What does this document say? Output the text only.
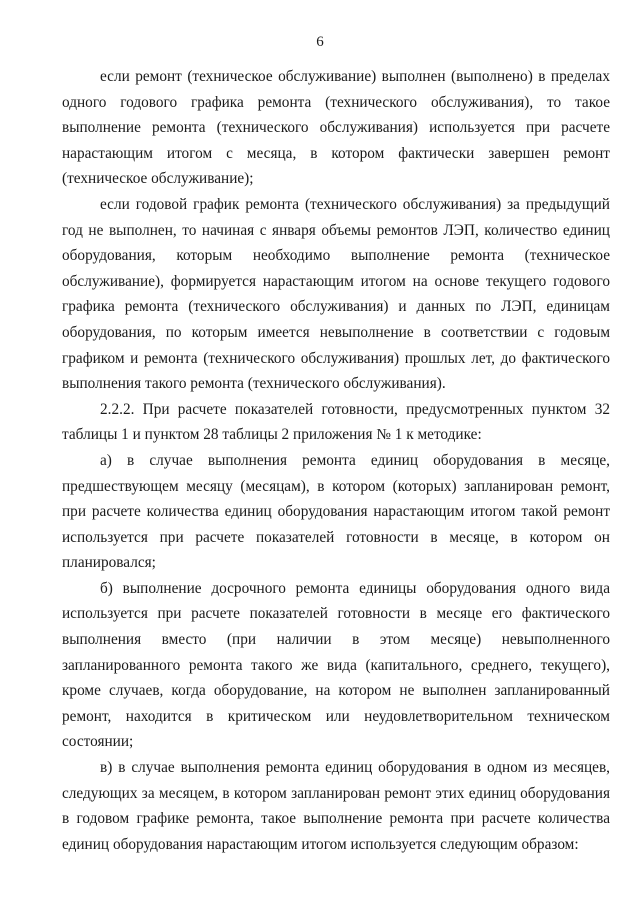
6

если ремонт (техническое обслуживание) выполнен (выполнено) в пределах одного годового графика ремонта (технического обслуживания), то такое выполнение ремонта (технического обслуживания) используется при расчете нарастающим итогом с месяца, в котором фактически завершен ремонт (техническое обслуживание);

если годовой график ремонта (технического обслуживания) за предыдущий год не выполнен, то начиная с января объемы ремонтов ЛЭП, количество единиц оборудования, которым необходимо выполнение ремонта (техническое обслуживание), формируется нарастающим итогом на основе текущего годового графика ремонта (технического обслуживания) и данных по ЛЭП, единицам оборудования, по которым имеется невыполнение в соответствии с годовым графиком и ремонта (технического обслуживания) прошлых лет, до фактического выполнения такого ремонта (технического обслуживания).

2.2.2. При расчете показателей готовности, предусмотренных пунктом 32 таблицы 1 и пунктом 28 таблицы 2 приложения № 1 к методике:

а) в случае выполнения ремонта единиц оборудования в месяце, предшествующем месяцу (месяцам), в котором (которых) запланирован ремонт, при расчете количества единиц оборудования нарастающим итогом такой ремонт используется при расчете показателей готовности в месяце, в котором он планировался;

б) выполнение досрочного ремонта единицы оборудования одного вида используется при расчете показателей готовности в месяце его фактического выполнения вместо (при наличии в этом месяце) невыполненного запланированного ремонта такого же вида (капитального, среднего, текущего), кроме случаев, когда оборудование, на котором не выполнен запланированный ремонт, находится в критическом или неудовлетворительном техническом состоянии;

в) в случае выполнения ремонта единиц оборудования в одном из месяцев, следующих за месяцем, в котором запланирован ремонт этих единиц оборудования в годовом графике ремонта, такое выполнение ремонта при расчете количества единиц оборудования нарастающим итогом используется следующим образом:
